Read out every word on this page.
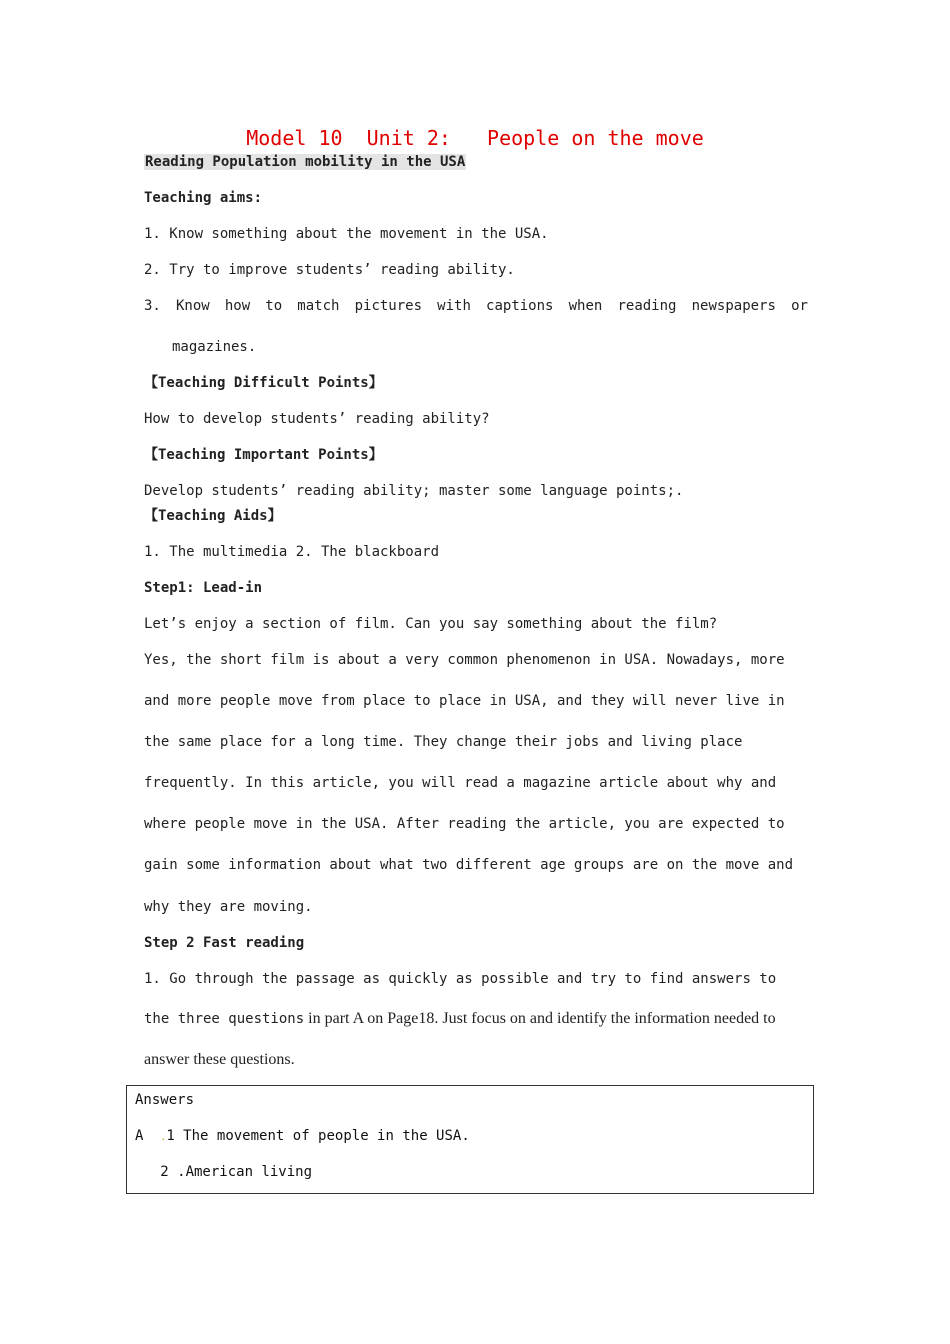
Model 10  Unit 2:   People on the move
Reading Population mobility in the USA
Teaching aims:
1. Know something about the movement in the USA.
2. Try to improve students’ reading ability.
3. Know how to match pictures with captions when reading newspapers or
magazines.
【Teaching Difficult Points】
How to develop students’ reading ability?
【Teaching Important Points】
Develop students’ reading ability; master some language points;.
【Teaching Aids】
1. The multimedia 2. The blackboard
Step1: Lead-in
Let’s enjoy a section of film. Can you say something about the film?
Yes, the short film is about a very common phenomenon in USA. Nowadays, more
and more people move from place to place in USA, and they will never live in
the same place for a long time. They change their jobs and living place
frequently. In this article, you will read a magazine article about why and
where people move in the USA. After reading the article, you are expected to
gain some information about what two different age groups are on the move and
why they are moving.
Step 2 Fast reading
1. Go through the passage as quickly as possible and try to find answers to
the three questions in part A on Page18. Just focus on and identify the information needed to
answer these questions.
Answers
A  .1 The movement of people in the USA.
2 .American living
